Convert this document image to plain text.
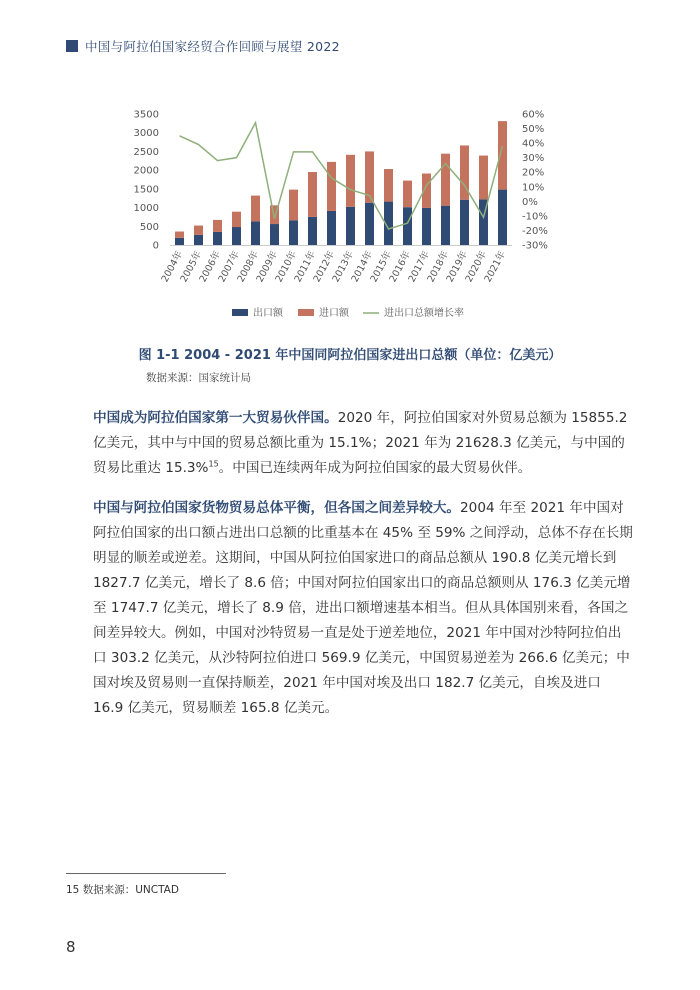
中国与阿拉伯国家经贸合作回顾与展望 2022
0
500
1000
1500
2000
2500
3000
3500	60%
50%
40%
30%
20%
10%
0%
-10%
-20%
-30%
2004年
2005年
2006年
2007年
2008年
2009年
2010年
2011年
2012年
2013年
2014年
2015年
2016年
2017年
2018年
2019年
2020年
2021年
出口额	进口额	进出口总额增长率
图 1-1 2004 - 2021 年中国同阿拉伯国家进出口总额（单位：亿美元）
数据来源：国家统计局

中国成为阿拉伯国家第一大贸易伙伴国。2020 年，阿拉伯国家对外贸易总额为 15855.2 亿美元，其中与中国的贸易总额比重为 15.1%；2021 年为 21628.3 亿美元，与中国的贸易比重达 15.3%$^{15}$。中国已连续两年成为阿拉伯国家的最大贸易伙伴。

中国与阿拉伯国家货物贸易总体平衡，但各国之间差异较大。2004 年至 2021 年中国对阿拉伯国家的出口额占进出口总额的比重基本在 45% 至 59% 之间浮动，总体不存在长期明显的顺差或逆差。这期间，中国从阿拉伯国家进口的商品总额从 190.8 亿美元增长到 1827.7 亿美元，增长了 8.6 倍；中国对阿拉伯国家出口的商品总额则从 176.3 亿美元增至 1747.7 亿美元，增长了 8.9 倍，进出口额增速基本相当。但从具体国别来看，各国之间差异较大。例如，中国对沙特贸易一直是处于逆差地位，2021 年中国对沙特阿拉伯出口 303.2 亿美元，从沙特阿拉伯进口 569.9 亿美元，中国贸易逆差为 266.6 亿美元；中国对埃及贸易则一直保持顺差，2021 年中国对埃及出口 182.7 亿美元，自埃及进口 16.9 亿美元，贸易顺差 165.8 亿美元。

15 数据来源：UNCTAD
8
